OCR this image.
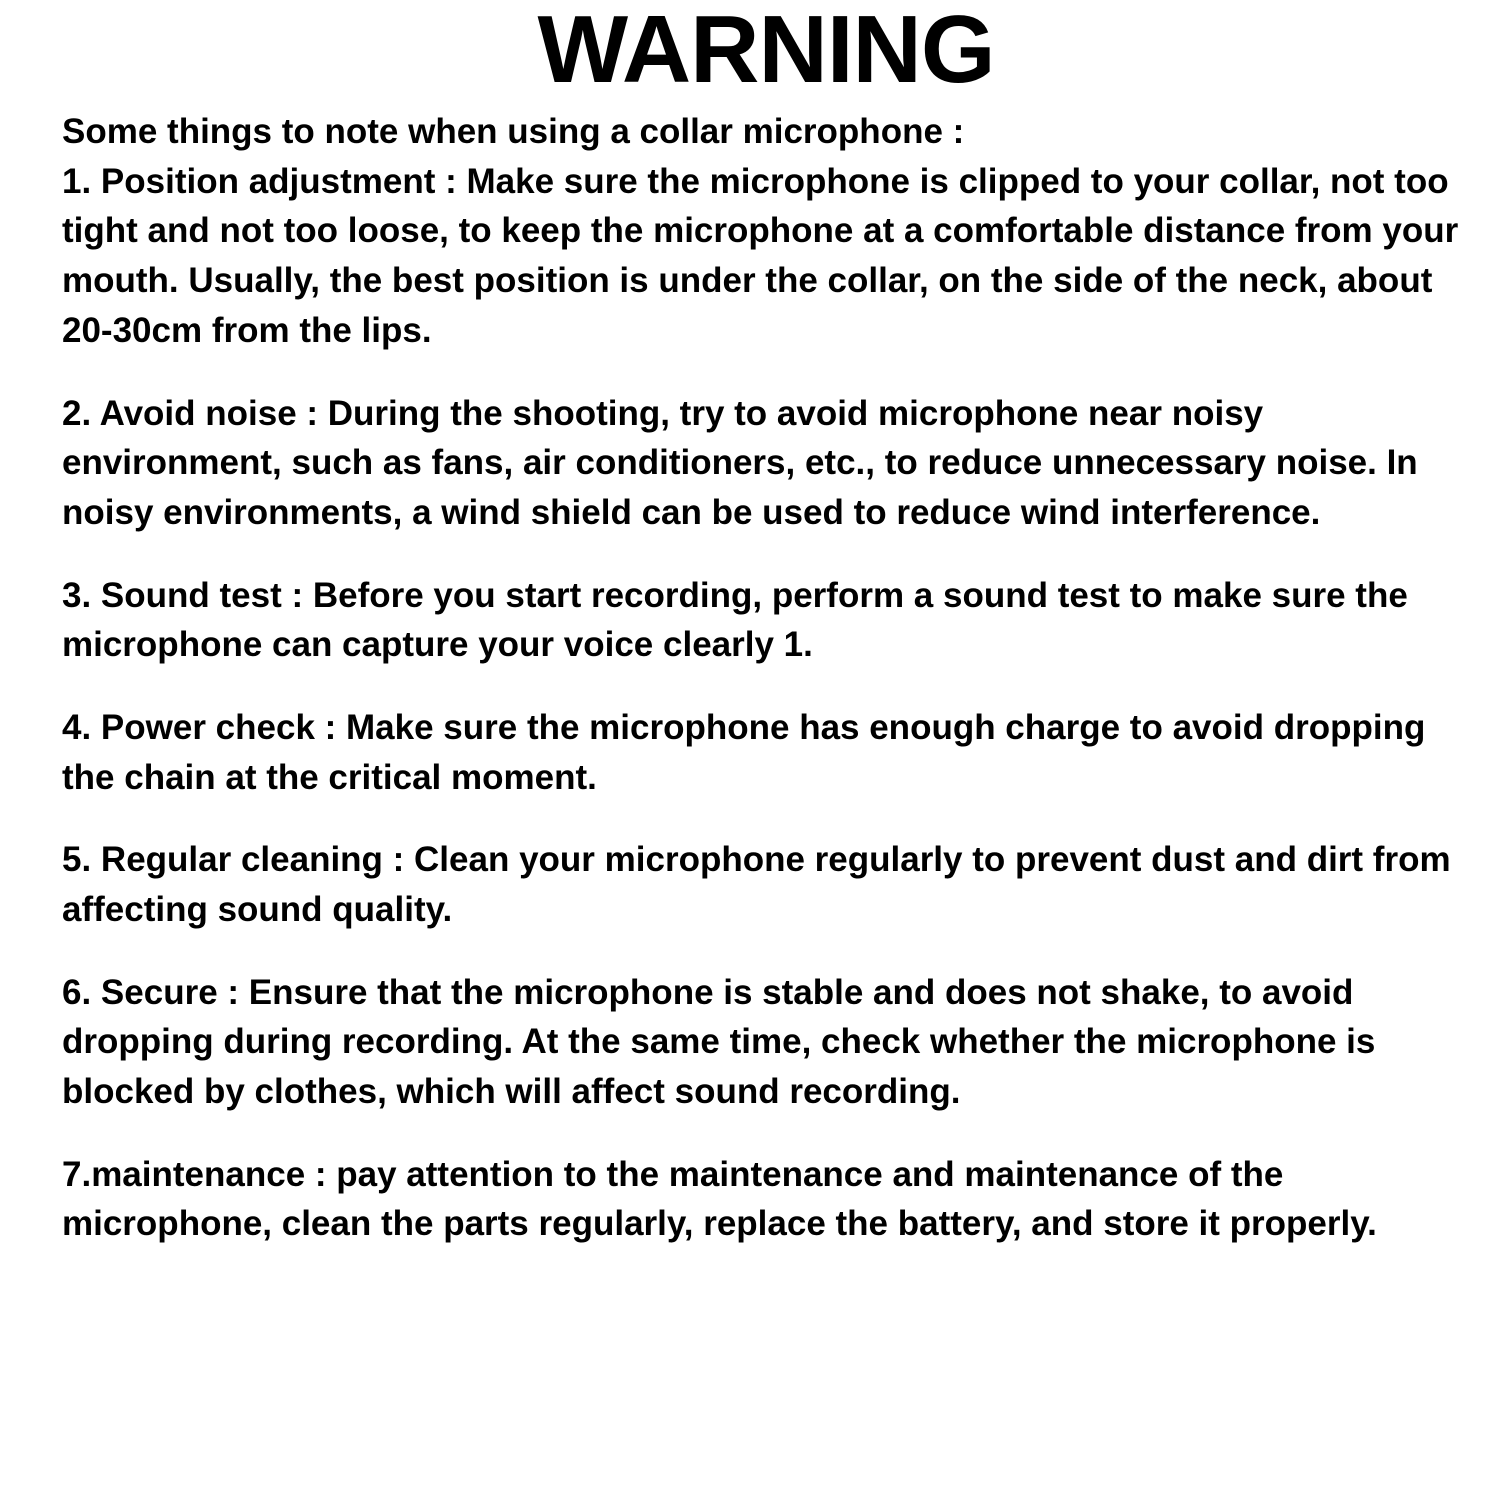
WARNING
Some things to note when using a collar microphone :
1. Position adjustment : Make sure the microphone is clipped to your collar, not too tight and not too loose, to keep the microphone at a comfortable distance from your mouth. Usually, the best position is under the collar, on the side of the neck, about 20-30cm from the lips.
2. Avoid noise : During the shooting, try to avoid microphone near noisy environment, such as fans, air conditioners, etc., to reduce unnecessary noise. In noisy environments, a wind shield can be used to reduce wind interference.
3. Sound test : Before you start recording, perform a sound test to make sure the microphone can capture your voice clearly 1.
4. Power check : Make sure the microphone has enough charge to avoid dropping the chain at the critical moment.
5. Regular cleaning : Clean your microphone regularly to prevent dust and dirt from affecting sound quality.
6. Secure : Ensure that the microphone is stable and does not shake, to avoid dropping during recording. At the same time, check whether the microphone is blocked by clothes, which will affect sound recording.
7.maintenance : pay attention to the maintenance and maintenance of the microphone, clean the parts regularly, replace the battery, and store it properly.
